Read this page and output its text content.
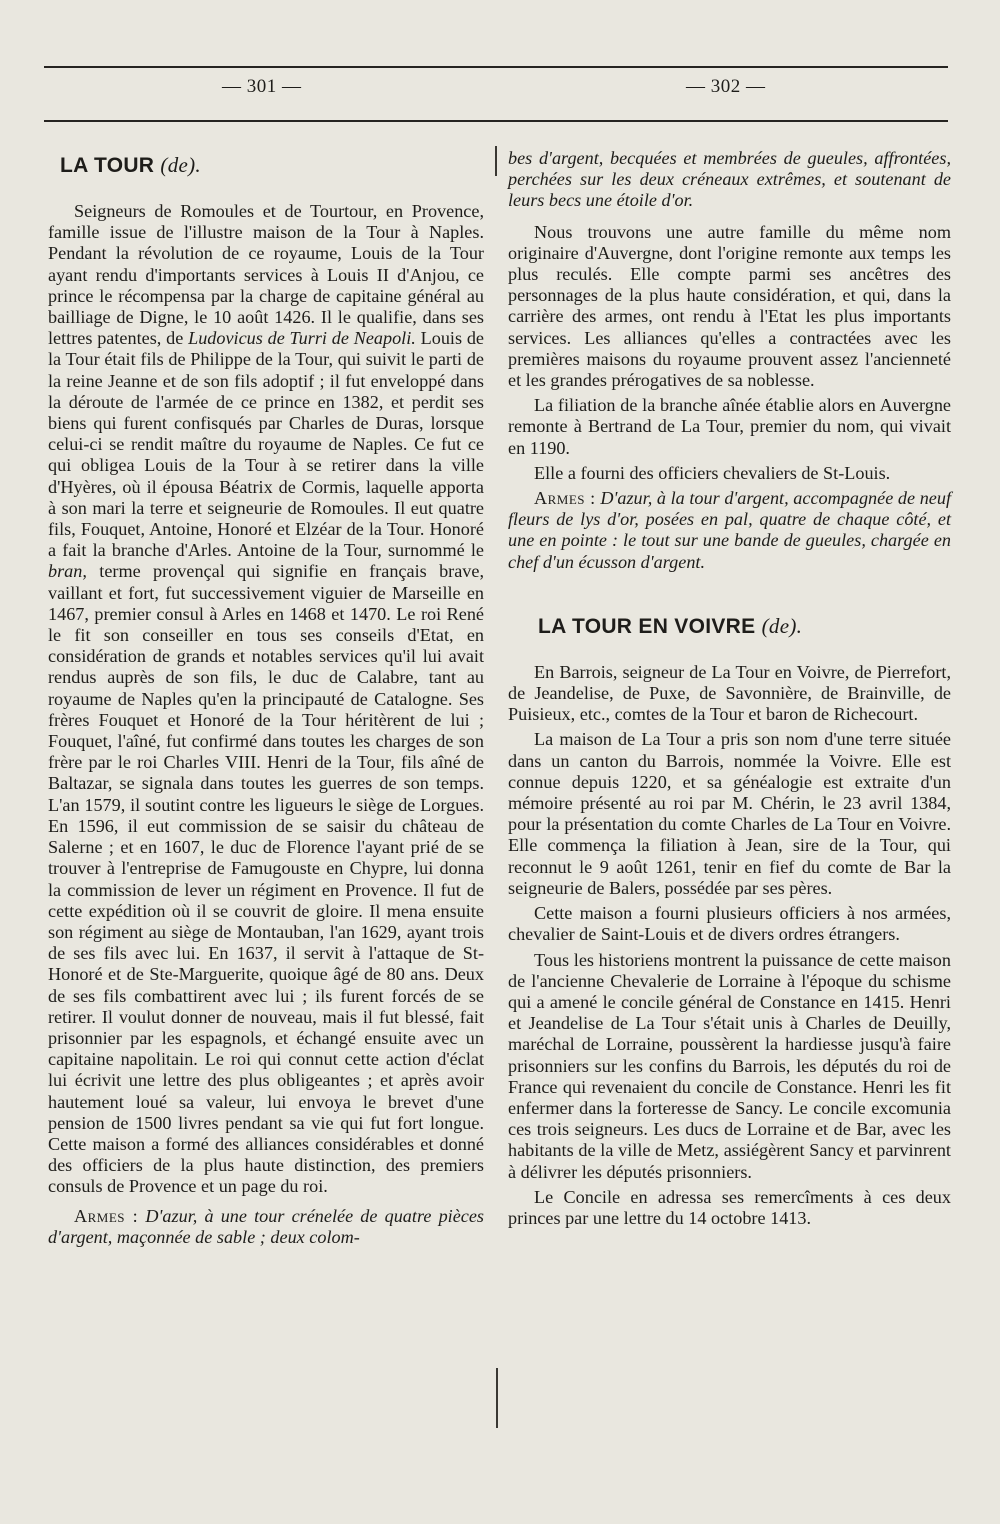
— 301 —	— 302 —
LA TOUR (de).

Seigneurs de Romoules et de Tourtour, en Provence, famille issue de l'illustre maison de la Tour à Naples. Pendant la révolution de ce royaume, Louis de la Tour ayant rendu d'importants services à Louis II d'Anjou, ce prince le récompensa par la charge de capitaine général au bailliage de Digne, le 10 août 1426. Il le qualifie, dans ses lettres patentes, de Ludovicus de Turri de Neapoli. Louis de la Tour était fils de Philippe de la Tour, qui suivit le parti de la reine Jeanne et de son fils adoptif ; il fut enveloppé dans la déroute de l'armée de ce prince en 1382, et perdit ses biens qui furent confisqués par Charles de Duras, lorsque celui-ci se rendit maître du royaume de Naples. Ce fut ce qui obligea Louis de la Tour à se retirer dans la ville d'Hyères, où il épousa Béatrix de Cormis, laquelle apporta à son mari la terre et seigneurie de Romoules. Il eut quatre fils, Fouquet, Antoine, Honoré et Elzéar de la Tour. Honoré a fait la branche d'Arles. Antoine de la Tour, surnommé le bran, terme provençal qui signifie en français brave, vaillant et fort, fut successivement viguier de Marseille en 1467, premier consul à Arles en 1468 et 1470. Le roi René le fit son conseiller en tous ses conseils d'Etat, en considération de grands et notables services qu'il lui avait rendus auprès de son fils, le duc de Calabre, tant au royaume de Naples qu'en la principauté de Catalogne. Ses frères Fouquet et Honoré de la Tour héritèrent de lui ; Fouquet, l'aîné, fut confirmé dans toutes les charges de son frère par le roi Charles VIII. Henri de la Tour, fils aîné de Baltazar, se signala dans toutes les guerres de son temps. L'an 1579, il soutint contre les ligueurs le siège de Lorgues. En 1596, il eut commission de se saisir du château de Salerne ; et en 1607, le duc de Florence l'ayant prié de se trouver à l'entreprise de Famugouste en Chypre, lui donna la commission de lever un régiment en Provence. Il fut de cette expédition où il se couvrit de gloire. Il mena ensuite son régiment au siège de Montauban, l'an 1629, ayant trois de ses fils avec lui. En 1637, il servit à l'attaque de St-Honoré et de Ste-Marguerite, quoique âgé de 80 ans. Deux de ses fils combattirent avec lui ; ils furent forcés de se retirer. Il voulut donner de nouveau, mais il fut blessé, fait prisonnier par les espagnols, et échangé ensuite avec un capitaine napolitain. Le roi qui connut cette action d'éclat lui écrivit une lettre des plus obligeantes ; et après avoir hautement loué sa valeur, lui envoya le brevet d'une pension de 1500 livres pendant sa vie qui fut fort longue. Cette maison a formé des alliances considérables et donné des officiers de la plus haute distinction, des premiers consuls de Provence et un page du roi.

Armes : D'azur, à une tour crénelée de quatre pièces d'argent, maçonnée de sable ; deux colom-

bes d'argent, becquées et membrées de gueules, affrontées, perchées sur les deux créneaux extrêmes, et soutenant de leurs becs une étoile d'or.

Nous trouvons une autre famille du même nom originaire d'Auvergne, dont l'origine remonte aux temps les plus reculés. Elle compte parmi ses ancêtres des personnages de la plus haute considération, et qui, dans la carrière des armes, ont rendu à l'Etat les plus importants services. Les alliances qu'elles a contractées avec les premières maisons du royaume prouvent assez l'ancienneté et les grandes prérogatives de sa noblesse.

La filiation de la branche aînée établie alors en Auvergne remonte à Bertrand de La Tour, premier du nom, qui vivait en 1190.

Elle a fourni des officiers chevaliers de St-Louis.

Armes : D'azur, à la tour d'argent, accompagnée de neuf fleurs de lys d'or, posées en pal, quatre de chaque côté, et une en pointe : le tout sur une bande de gueules, chargée en chef d'un écusson d'argent.

LA TOUR EN VOIVRE (de).

En Barrois, seigneur de La Tour en Voivre, de Pierrefort, de Jeandelise, de Puxe, de Savonnière, de Brainville, de Puisieux, etc., comtes de la Tour et baron de Richecourt.

La maison de La Tour a pris son nom d'une terre située dans un canton du Barrois, nommée la Voivre. Elle est connue depuis 1220, et sa généalogie est extraite d'un mémoire présenté au roi par M. Chérin, le 23 avril 1384, pour la présentation du comte Charles de La Tour en Voivre. Elle commença la filiation à Jean, sire de la Tour, qui reconnut le 9 août 1261, tenir en fief du comte de Bar la seigneurie de Balers, possédée par ses pères.

Cette maison a fourni plusieurs officiers à nos armées, chevalier de Saint-Louis et de divers ordres étrangers.

Tous les historiens montrent la puissance de cette maison de l'ancienne Chevalerie de Lorraine à l'époque du schisme qui a amené le concile général de Constance en 1415. Henri et Jeandelise de La Tour s'était unis à Charles de Deuilly, maréchal de Lorraine, poussèrent la hardiesse jusqu'à faire prisonniers sur les confins du Barrois, les députés du roi de France qui revenaient du concile de Constance. Henri les fit enfermer dans la forteresse de Sancy. Le concile excomunia ces trois seigneurs. Les ducs de Lorraine et de Bar, avec les habitants de la ville de Metz, assiégèrent Sancy et parvinrent à délivrer les députés prisonniers.

Le Concile en adressa ses remercîments à ces deux princes par une lettre du 14 octobre 1413.
